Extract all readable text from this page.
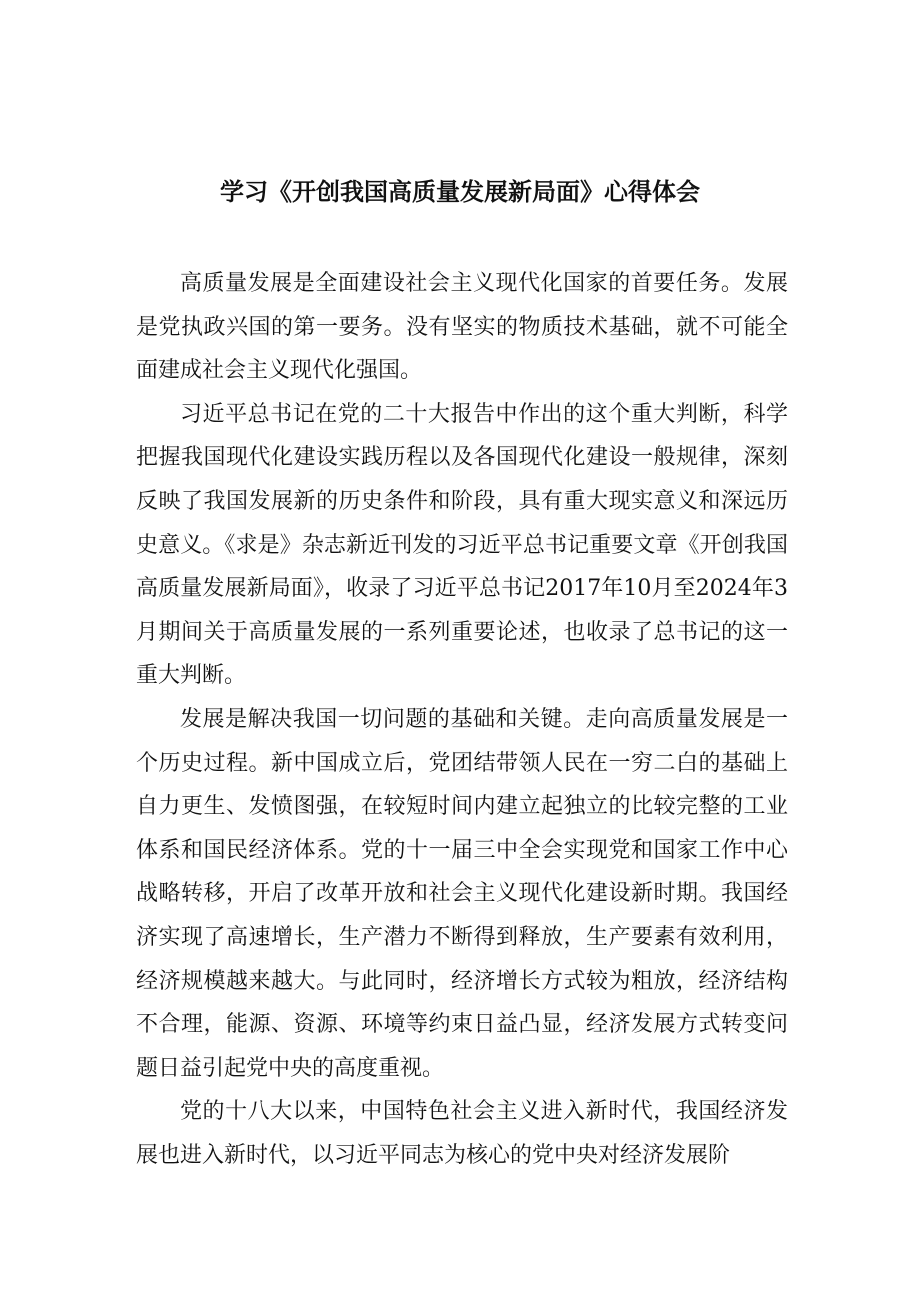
学习《开创我国高质量发展新局面》心得体会

高质量发展是全面建设社会主义现代化国家的首要任务。发展是党执政兴国的第一要务。没有坚实的物质技术基础，就不可能全面建成社会主义现代化强国。

习近平总书记在党的二十大报告中作出的这个重大判断，科学把握我国现代化建设实践历程以及各国现代化建设一般规律，深刻反映了我国发展新的历史条件和阶段，具有重大现实意义和深远历史意义。《求是》杂志新近刊发的习近平总书记重要文章《开创我国高质量发展新局面》，收录了习近平总书记2017年10月至2024年3月期间关于高质量发展的一系列重要论述，也收录了总书记的这一重大判断。

发展是解决我国一切问题的基础和关键。走向高质量发展是一个历史过程。新中国成立后，党团结带领人民在一穷二白的基础上自力更生、发愤图强，在较短时间内建立起独立的比较完整的工业体系和国民经济体系。党的十一届三中全会实现党和国家工作中心战略转移，开启了改革开放和社会主义现代化建设新时期。我国经济实现了高速增长，生产潜力不断得到释放，生产要素有效利用，经济规模越来越大。与此同时，经济增长方式较为粗放，经济结构不合理，能源、资源、环境等约束日益凸显，经济发展方式转变问题日益引起党中央的高度重视。

党的十八大以来，中国特色社会主义进入新时代，我国经济发展也进入新时代，以习近平同志为核心的党中央对经济发展阶
